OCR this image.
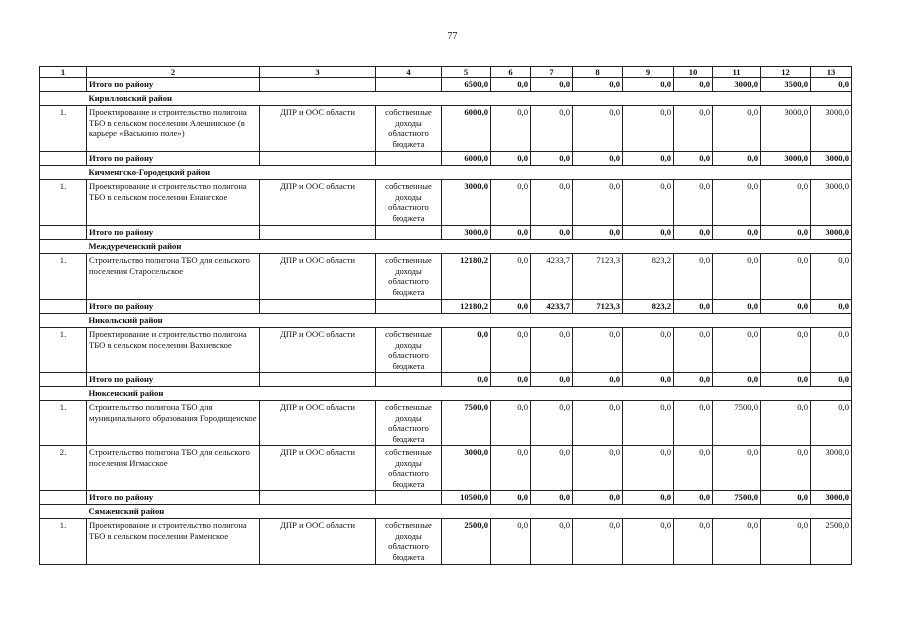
77
1	2	3	4	5	6	7	8	9	10	11	12	13
	Итого по району			6500,0	0,0	0,0	0,0	0,0	0,0	3000,0	3500,0	0,0
	Кирилловский район											
1.	Проектирование и строительство полигона ТБО в сельском поселении Алешинское (в карьере «Васькино поле»)	ДПР и ООС области	собственные доходы областного бюджета	6000,0	0,0	0,0	0,0	0,0	0,0	0,0	3000,0	3000,0
	Итого по району			6000,0	0,0	0,0	0,0	0,0	0,0	0,0	3000,0	3000,0
	Кичменгско-Городецкий район											
1.	Проектирование и строительство полигона ТБО в сельском поселении Енангское	ДПР и ООС области	собственные доходы областного бюджета	3000,0	0,0	0,0	0,0	0,0	0,0	0,0	0,0	3000,0
	Итого по району			3000,0	0,0	0,0	0,0	0,0	0,0	0,0	0,0	3000,0
	Междуреченский район											
1.	Строительство полигона ТБО для сельского поселения Старосельское	ДПР и ООС области	собственные доходы областного бюджета	12180,2	0,0	4233,7	7123,3	823,2	0,0	0,0	0,0	0,0
	Итого по району			12180,2	0,0	4233,7	7123,3	823,2	0,0	0,0	0,0	0,0
	Никольский район											
1.	Проектирование и строительство полигона ТБО в сельском поселении Вахневское	ДПР и ООС области	собственные доходы областного бюджета	0,0	0,0	0,0	0,0	0,0	0,0	0,0	0,0	0,0
	Итого по району			0,0	0,0	0,0	0,0	0,0	0,0	0,0	0,0	0,0
	Нюксенский район											
1.	Строительство полигона ТБО для муниципального образования Городищенское	ДПР и ООС области	собственные доходы областного бюджета	7500,0	0,0	0,0	0,0	0,0	0,0	7500,0	0,0	0,0
2.	Строительство полигона ТБО для сельского поселения Игмасское	ДПР и ООС области	собственные доходы областного бюджета	3000,0	0,0	0,0	0,0	0,0	0,0	0,0	0,0	3000,0
	Итого по району			10500,0	0,0	0,0	0,0	0,0	0,0	7500,0	0,0	3000,0
	Сямженский район											
1.	Проектирование и строительство полигона ТБО в сельском поселении Раменское	ДПР и ООС области	собственные доходы областного бюджета	2500,0	0,0	0,0	0,0	0,0	0,0	0,0	0,0	2500,0
